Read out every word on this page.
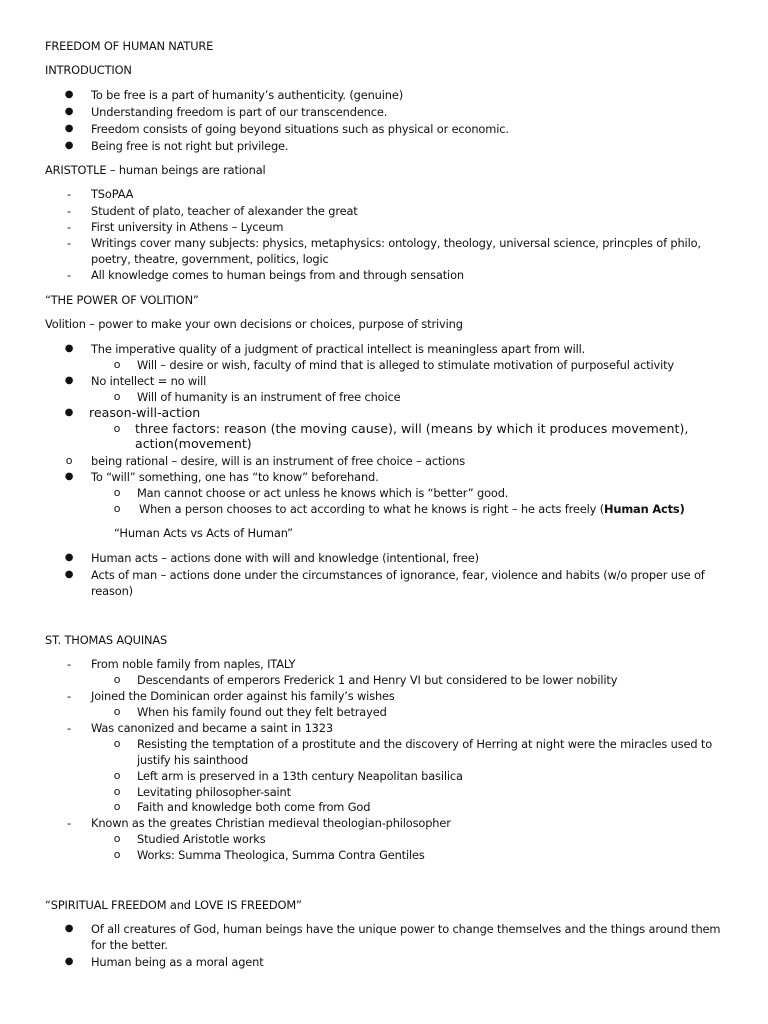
FREEDOM OF HUMAN NATURE
INTRODUCTION
● To be free is a part of humanity’s authenticity. (genuine)
● Understanding freedom is part of our transcendence.
● Freedom consists of going beyond situations such as physical or economic.
● Being free is not right but privilege.
ARISTOTLE – human beings are rational
-	TSoPAA
-	Student of plato, teacher of alexander the great
-	First university in Athens – Lyceum
-	Writings cover many subjects: physics, metaphysics: ontology, theology, universal science, princples of philo,
poetry, theatre, government, politics, logic
-	All knowledge comes to human beings from and through sensation
“THE POWER OF VOLITION”
Volition – power to make your own decisions or choices, purpose of striving
● The imperative quality of a judgment of practical intellect is meaningless apart from will.
o	Will – desire or wish, faculty of mind that is alleged to stimulate motivation of purposeful activity
● No intellect = no will
o	Will of humanity is an instrument of free choice
● reason-will-action
o three factors: reason (the moving cause), will (means by which it produces movement),
action(movement)
o	being rational – desire, will is an instrument of free choice – actions
● To “will” something, one has “to know” beforehand.
o	Man cannot choose or act unless he knows which is “better” good.
o	When a person chooses to act according to what he knows is right – he acts freely (Human Acts)
“Human Acts vs Acts of Human”
● Human acts – actions done with will and knowledge (intentional, free)
● Acts of man – actions done under the circumstances of ignorance, fear, violence and habits (w/o proper use of
reason)
ST. THOMAS AQUINAS
-	From noble family from naples, ITALY
o	Descendants of emperors Frederick 1 and Henry VI but considered to be lower nobility
-	Joined the Dominican order against his family’s wishes
o	When his family found out they felt betrayed
-	Was canonized and became a saint in 1323
o	Resisting the temptation of a prostitute and the discovery of Herring at night were the miracles used to
justify his sainthood
o	Left arm is preserved in a 13th century Neapolitan basilica
o	Levitating philosopher-saint
o	Faith and knowledge both come from God
-	Known as the greates Christian medieval theologian-philosopher
o	Studied Aristotle works
o	Works: Summa Theologica, Summa Contra Gentiles
“SPIRITUAL FREEDOM and LOVE IS FREEDOM”
● Of all creatures of God, human beings have the unique power to change themselves and the things around them
for the better.
● Human being as a moral agent
